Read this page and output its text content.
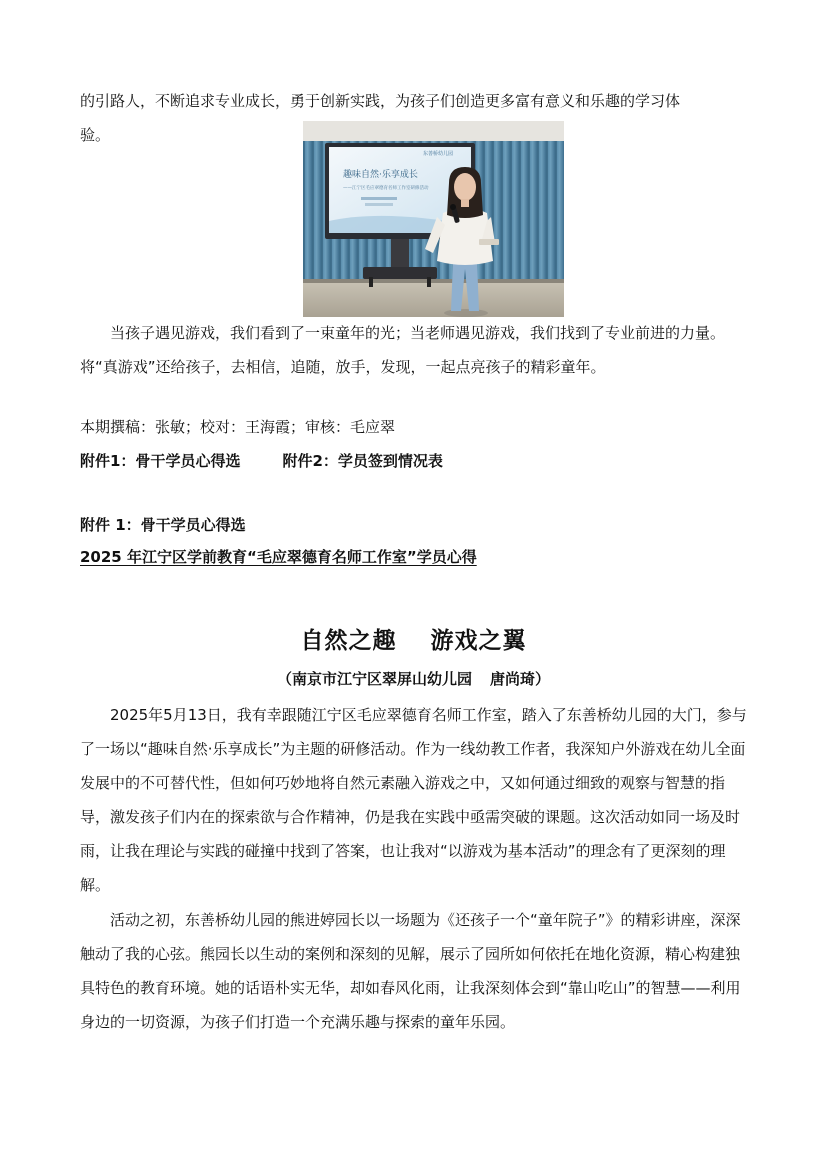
的引路人，不断追求专业成长，勇于创新实践，为孩子们创造更多富有意义和乐趣的学习体
验。

东善桥幼儿园
趣味自然·乐享成长
——江宁区毛应翠德育名师工作室研修活动

当孩子遇见游戏，我们看到了一束童年的光；当老师遇见游戏，我们找到了专业前进的力量。将“真游戏”还给孩子，去相信，追随，放手，发现，一起点亮孩子的精彩童年。

本期撰稿：张敏；校对：王海霞；审核：毛应翠

附件1：骨干学员心得选	附件2：学员签到情况表

附件 1：骨干学员心得选

2025 年江宁区学前教育“毛应翠德育名师工作室”学员心得

自然之趣 游戏之翼
（南京市江宁区翠屏山幼儿园 唐尚琦）

2025年5月13日，我有幸跟随江宁区毛应翠德育名师工作室，踏入了东善桥幼儿园的大门，参与了一场以“趣味自然·乐享成长”为主题的研修活动。作为一线幼教工作者，我深知户外游戏在幼儿全面发展中的不可替代性，但如何巧妙地将自然元素融入游戏之中，又如何通过细致的观察与智慧的指导，激发孩子们内在的探索欲与合作精神，仍是我在实践中亟需突破的课题。这次活动如同一场及时雨，让我在理论与实践的碰撞中找到了答案，也让我对“以游戏为基本活动”的理念有了更深刻的理解。

活动之初，东善桥幼儿园的熊进婷园长以一场题为《还孩子一个“童年院子”》的精彩讲座，深深触动了我的心弦。熊园长以生动的案例和深刻的见解，展示了园所如何依托在地化资源，精心构建独具特色的教育环境。她的话语朴实无华，却如春风化雨，让我深刻体会到“靠山吃山”的智慧——利用身边的一切资源，为孩子们打造一个充满乐趣与探索的童年乐园。
